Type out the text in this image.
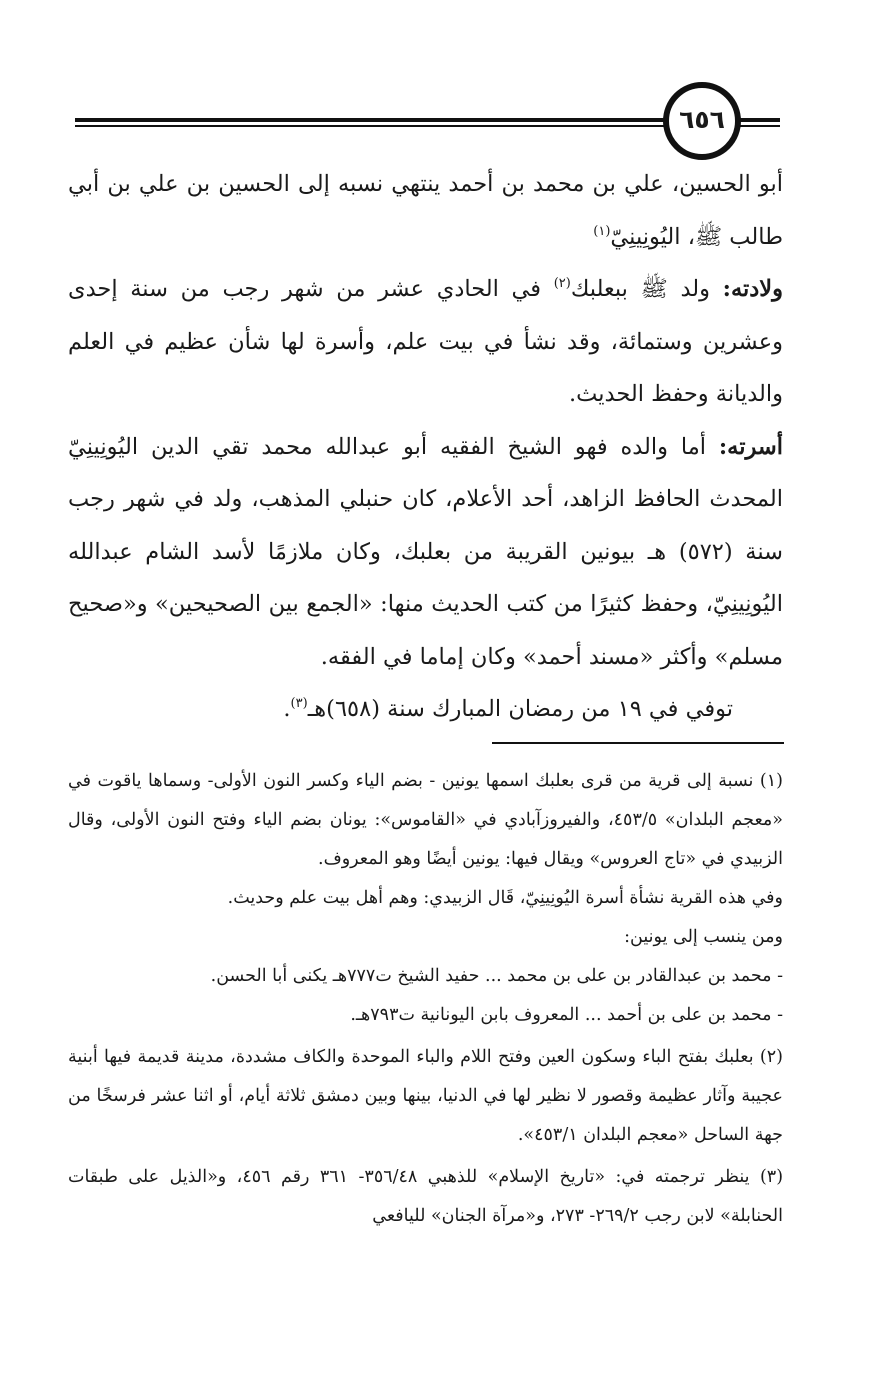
٦٥٦

أبو الحسين، علي بن محمد بن أحمد ينتهي نسبه إلى الحسين بن علي بن أبي طالب ﷺ، اليُونِينِيّ$^{(١)}$

ولادته: ولد ﷺ ببعلبك$^{(٢)}$ في الحادي عشر من شهر رجب من سنة إحدى وعشرين وستمائة، وقد نشأ في بيت علم، وأسرة لها شأن عظيم في العلم والديانة وحفظ الحديث.

أسرته: أما والده فهو الشيخ الفقيه أبو عبدالله محمد تقي الدين اليُونِينِيّ المحدث الحافظ الزاهد، أحد الأعلام، كان حنبلي المذهب، ولد في شهر رجب سنة (٥٧٢) هـ بيونين القريبة من بعلبك، وكان ملازمًا لأسد الشام عبدالله اليُونِينِيّ، وحفظ كثيرًا من كتب الحديث منها: «الجمع بين الصحيحين» و«صحيح مسلم» وأكثر «مسند أحمد» وكان إماما في الفقه.

توفي في ١٩ من رمضان المبارك سنة (٦٥٨)هـ$^{(٣)}$.

(١) نسبة إلى قرية من قرى بعلبك اسمها يونين - بضم الياء وكسر النون الأولى- وسماها ياقوت في «معجم البلدان» ٤٥٣/٥، والفيروزآبادي في «القاموس»: يونان بضم الياء وفتح النون الأولى، وقال الزبيدي في «تاج العروس» ويقال فيها: يونين أيضًا وهو المعروف.

وفي هذه القرية نشأة أسرة اليُونِينِيّ، قَال الزبيدي: وهم أهل بيت علم وحديث.

ومن ينسب إلى يونين:

- محمد بن عبدالقادر بن على بن محمد ... حفيد الشيخ ت٧٧٧هـ يكنى أبا الحسن.

- محمد بن على بن أحمد ... المعروف بابن اليونانية ت٧٩٣هـ.

(٢) بعلبك بفتح الباء وسكون العين وفتح اللام والباء الموحدة والكاف مشددة، مدينة قديمة فيها أبنية عجيبة وآثار عظيمة وقصور لا نظير لها في الدنيا، بينها وبين دمشق ثلاثة أيام، أو اثنا عشر فرسخًا من جهة الساحل «معجم البلدان ٤٥٣/١».

(٣) ينظر ترجمته في: «تاريخ الإسلام» للذهبي ٣٥٦/٤٨- ٣٦١ رقم ٤٥٦، و«الذيل على طبقات الحنابلة» لابن رجب ٢٦٩/٢- ٢٧٣، و«مرآة الجنان» لليافعي
